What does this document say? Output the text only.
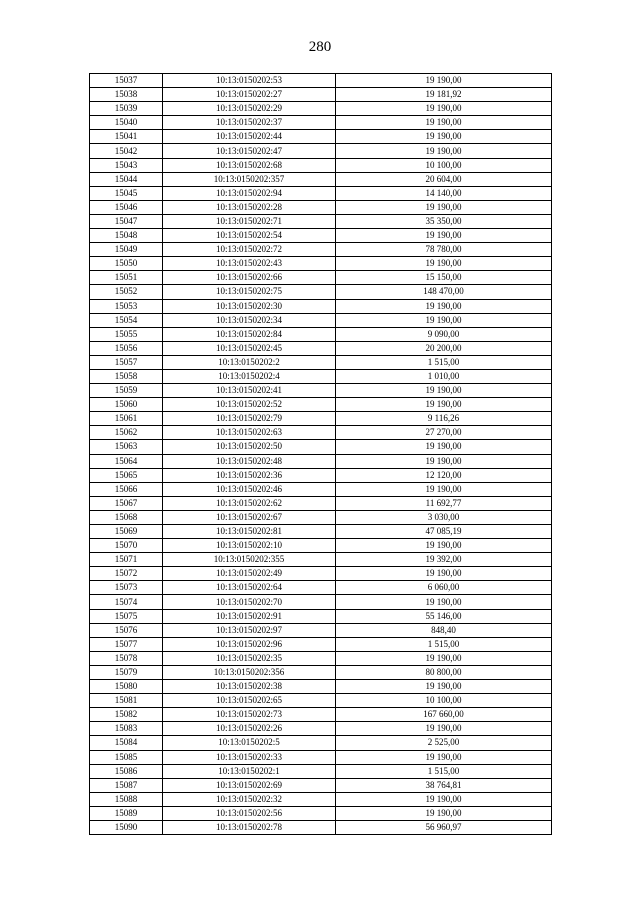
280
15037	10:13:0150202:53	19 190,00
15038	10:13:0150202:27	19 181,92
15039	10:13:0150202:29	19 190,00
15040	10:13:0150202:37	19 190,00
15041	10:13:0150202:44	19 190,00
15042	10:13:0150202:47	19 190,00
15043	10:13:0150202:68	10 100,00
15044	10:13:0150202:357	20 604,00
15045	10:13:0150202:94	14 140,00
15046	10:13:0150202:28	19 190,00
15047	10:13:0150202:71	35 350,00
15048	10:13:0150202:54	19 190,00
15049	10:13:0150202:72	78 780,00
15050	10:13:0150202:43	19 190,00
15051	10:13:0150202:66	15 150,00
15052	10:13:0150202:75	148 470,00
15053	10:13:0150202:30	19 190,00
15054	10:13:0150202:34	19 190,00
15055	10:13:0150202:84	9 090,00
15056	10:13:0150202:45	20 200,00
15057	10:13:0150202:2	1 515,00
15058	10:13:0150202:4	1 010,00
15059	10:13:0150202:41	19 190,00
15060	10:13:0150202:52	19 190,00
15061	10:13:0150202:79	9 116,26
15062	10:13:0150202:63	27 270,00
15063	10:13:0150202:50	19 190,00
15064	10:13:0150202:48	19 190,00
15065	10:13:0150202:36	12 120,00
15066	10:13:0150202:46	19 190,00
15067	10:13:0150202:62	11 692,77
15068	10:13:0150202:67	3 030,00
15069	10:13:0150202:81	47 085,19
15070	10:13:0150202:10	19 190,00
15071	10:13:0150202:355	19 392,00
15072	10:13:0150202:49	19 190,00
15073	10:13:0150202:64	6 060,00
15074	10:13:0150202:70	19 190,00
15075	10:13:0150202:91	55 146,00
15076	10:13:0150202:97	848,40
15077	10:13:0150202:96	1 515,00
15078	10:13:0150202:35	19 190,00
15079	10:13:0150202:356	80 800,00
15080	10:13:0150202:38	19 190,00
15081	10:13:0150202:65	10 100,00
15082	10:13:0150202:73	167 660,00
15083	10:13:0150202:26	19 190,00
15084	10:13:0150202:5	2 525,00
15085	10:13:0150202:33	19 190,00
15086	10:13:0150202:1	1 515,00
15087	10:13:0150202:69	38 764,81
15088	10:13:0150202:32	19 190,00
15089	10:13:0150202:56	19 190,00
15090	10:13:0150202:78	56 960,97
